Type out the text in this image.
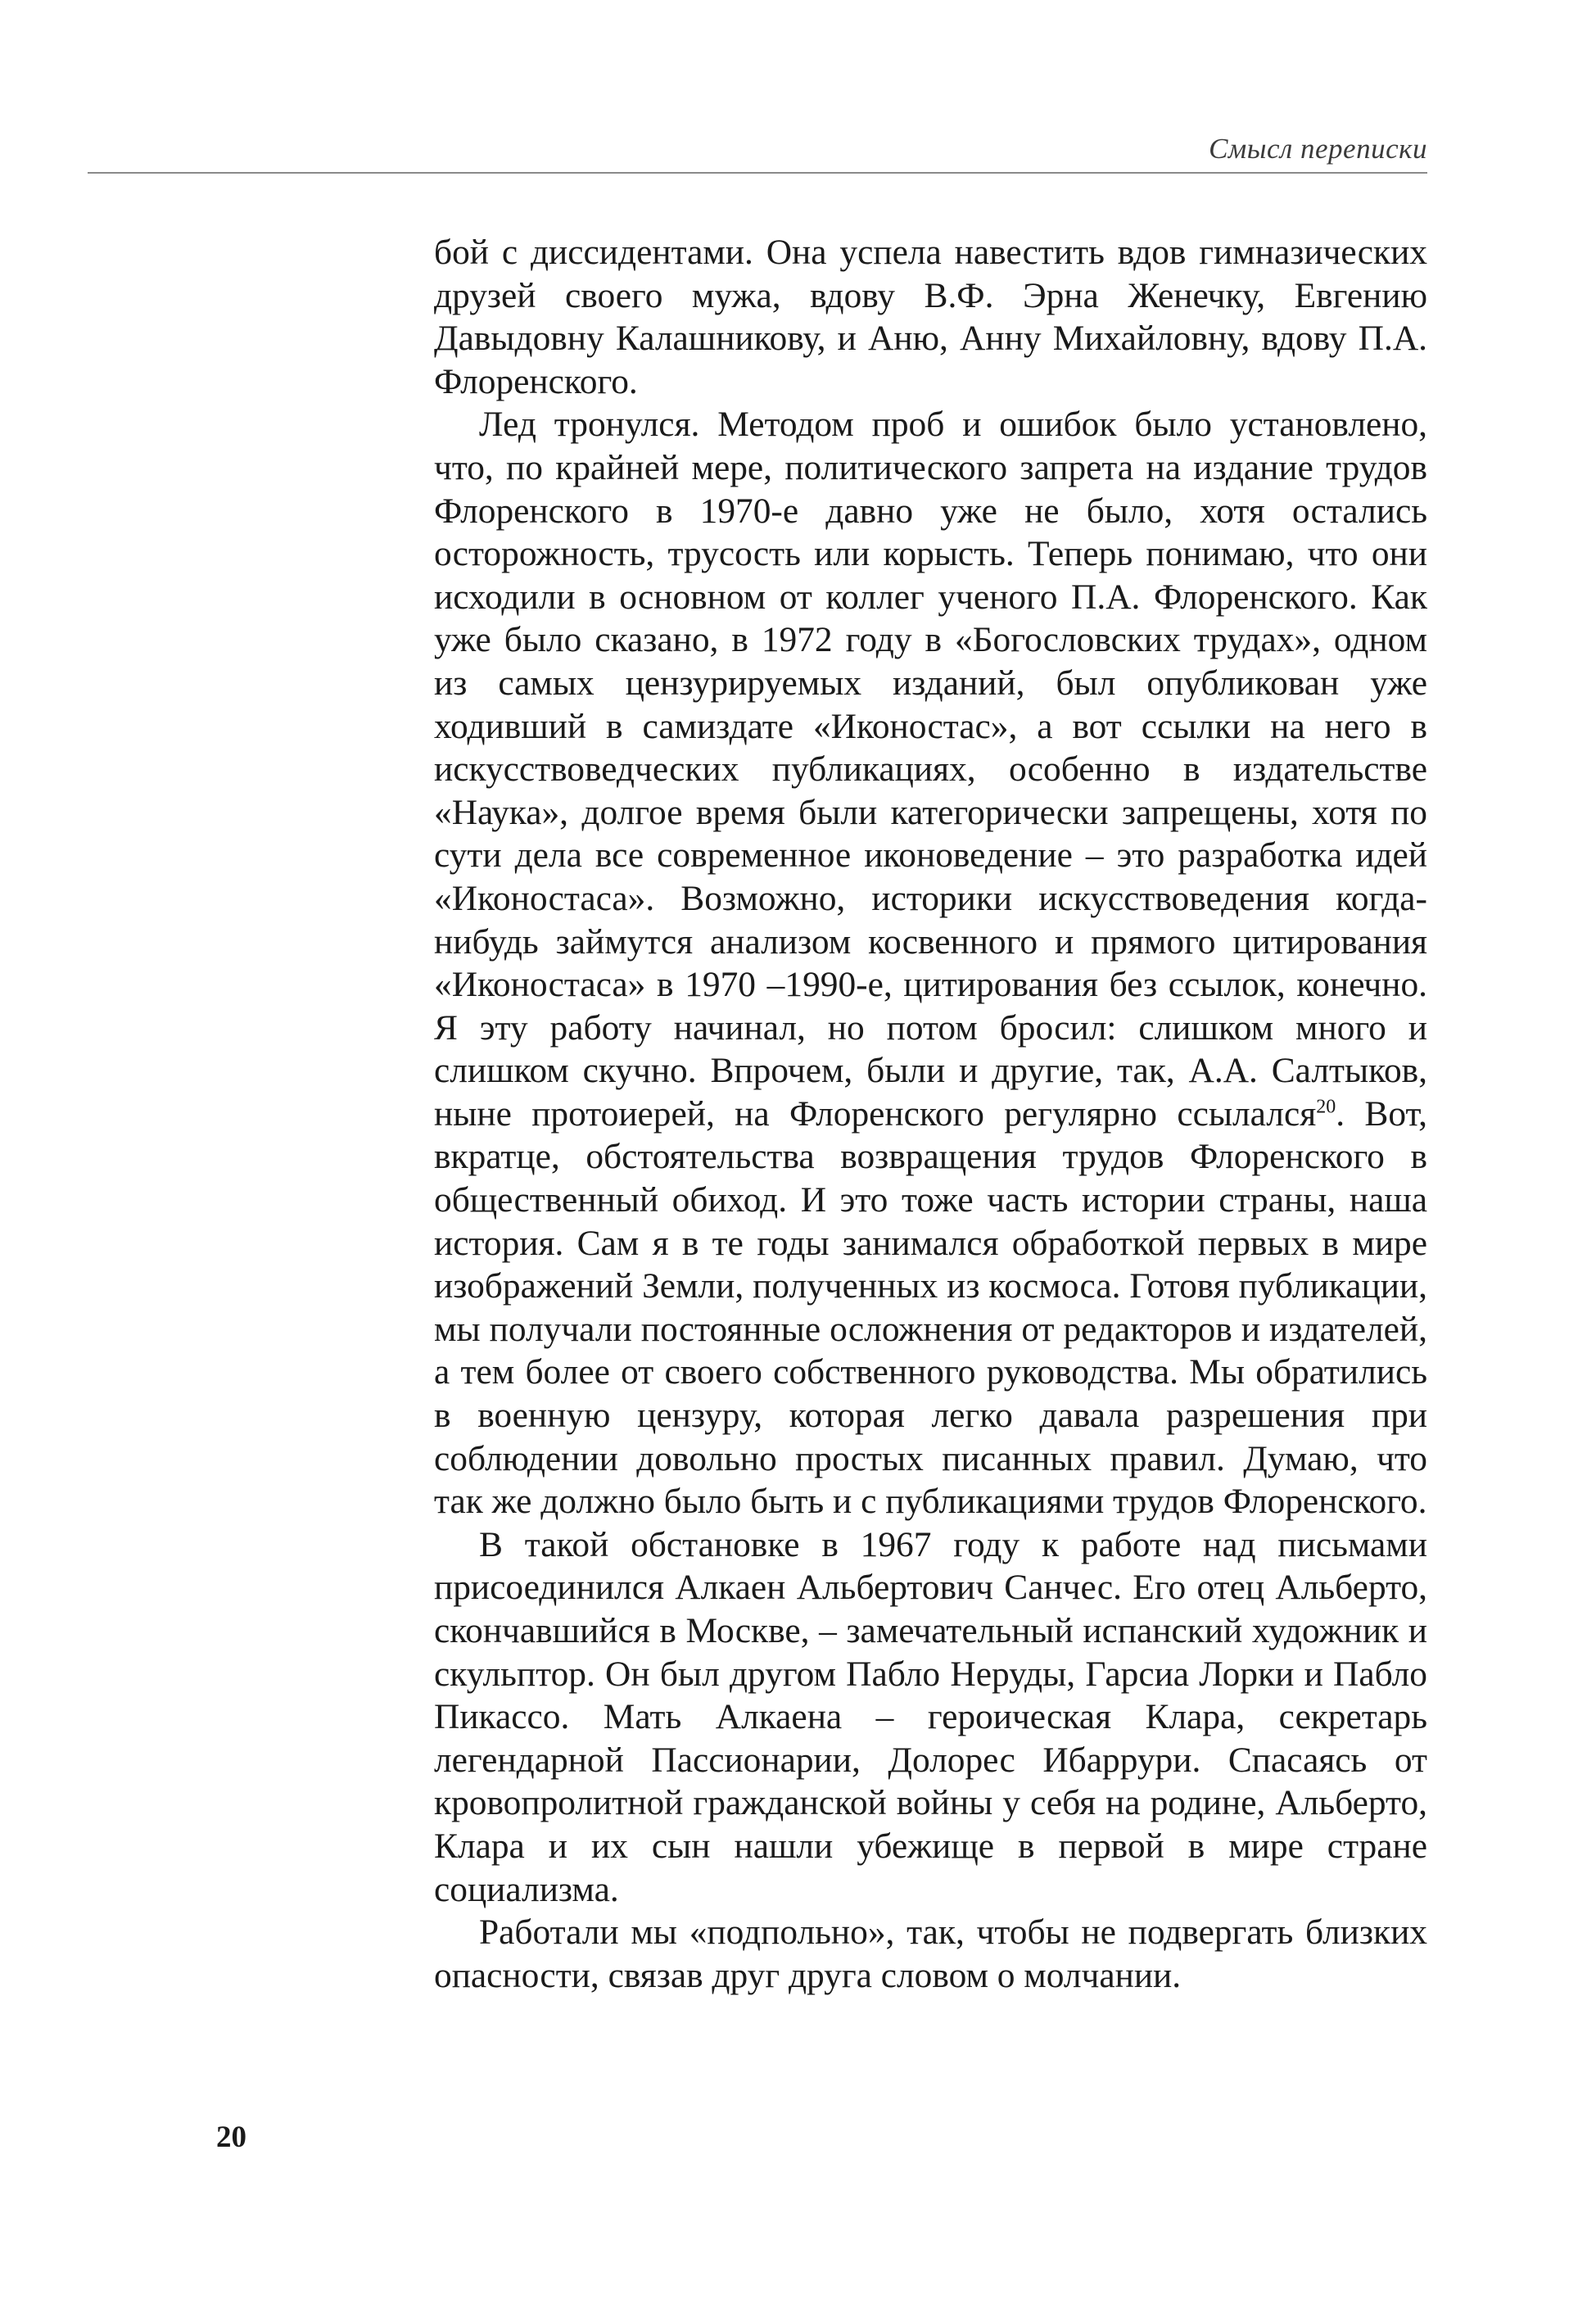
Смысл переписки

бой с диссидентами. Она успела навестить вдов гимназических друзей своего мужа, вдову В.Ф. Эрна Женечку, Евгению Давыдовну Калашникову, и Аню, Анну Михайловну, вдову П.А. Флоренского.

Лед тронулся. Методом проб и ошибок было установлено, что, по крайней мере, политического запрета на издание трудов Флоренского в 1970-е давно уже не было, хотя остались осторожность, трусость или корысть. Теперь понимаю, что они исходили в основном от коллег ученого П.А. Флоренского. Как уже было сказано, в 1972 году в «Богословских трудах», одном из самых цензурируемых изданий, был опубликован уже ходивший в самиздате «Иконостас», а вот ссылки на него в искусствоведческих публикациях, особенно в издательстве «Наука», долгое время были категорически запрещены, хотя по сути дела все современное иконоведение – это разработка идей «Иконостаса». Возможно, историки искусствоведения когда-нибудь займутся анализом косвенного и прямого цитирования «Иконостаса» в 1970 –1990-е, цитирования без ссылок, конечно. Я эту работу начинал, но потом бросил: слишком много и слишком скучно. Впрочем, были и другие, так, А.А. Салтыков, ныне протоиерей, на Флоренского регулярно ссылался$^{20}$. Вот, вкратце, обстоятельства возвращения трудов Флоренского в общественный обиход. И это тоже часть истории страны, наша история. Сам я в те годы занимался обработкой первых в мире изображений Земли, полученных из космоса. Готовя публикации, мы получали постоянные осложнения от редакторов и издателей, а тем более от своего собственного руководства. Мы обратились в военную цензуру, которая легко давала разрешения при соблюдении довольно простых писанных правил. Думаю, что так же должно было быть и с публикациями трудов Флоренского.

В такой обстановке в 1967 году к работе над письмами присоединился Алкаен Альбертович Санчес. Его отец Альберто, скончавшийся в Москве, – замечательный испанский художник и скульптор. Он был другом Пабло Неруды, Гарсиа Лорки и Пабло Пикассо. Мать Алкаена – героическая Клара, секретарь легендарной Пассионарии, Долорес Ибаррури. Спасаясь от кровопролитной гражданской войны у себя на родине, Альберто, Клара и их сын нашли убежище в первой в мире стране социализма.

Работали мы «подпольно», так, чтобы не подвергать близких опасности, связав друг друга словом о молчании.

20
